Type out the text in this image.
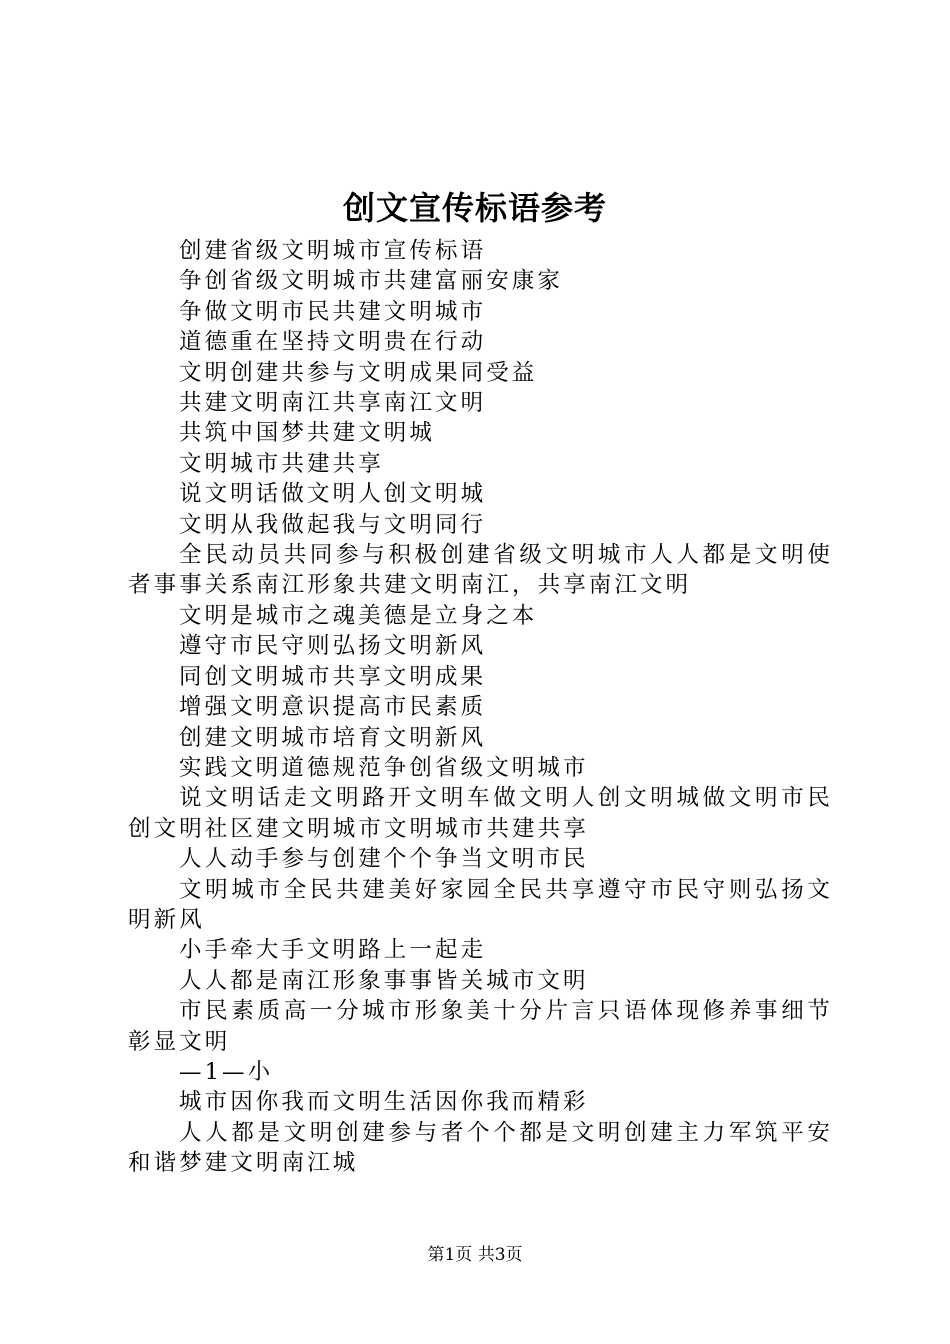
创文宣传标语参考

创建省级文明城市宣传标语

争创省级文明城市共建富丽安康家

争做文明市民共建文明城市

道德重在坚持文明贵在行动

文明创建共参与文明成果同受益

共建文明南江共享南江文明

共筑中国梦共建文明城

文明城市共建共享

说文明话做文明人创文明城

文明从我做起我与文明同行

全民动员共同参与积极创建省级文明城市人人都是文明使者事事关系南江形象共建文明南江，共享南江文明

文明是城市之魂美德是立身之本

遵守市民守则弘扬文明新风

同创文明城市共享文明成果

增强文明意识提高市民素质

创建文明城市培育文明新风

实践文明道德规范争创省级文明城市

说文明话走文明路开文明车做文明人创文明城做文明市民创文明社区建文明城市文明城市共建共享

人人动手参与创建个个争当文明市民

文明城市全民共建美好家园全民共享遵守市民守则弘扬文明新风

小手牵大手文明路上一起走

人人都是南江形象事事皆关城市文明

市民素质高一分城市形象美十分片言只语体现修养事细节彰显文明

—1—小

城市因你我而文明生活因你我而精彩

人人都是文明创建参与者个个都是文明创建主力军筑平安和谐梦建文明南江城

第1页 共3页
